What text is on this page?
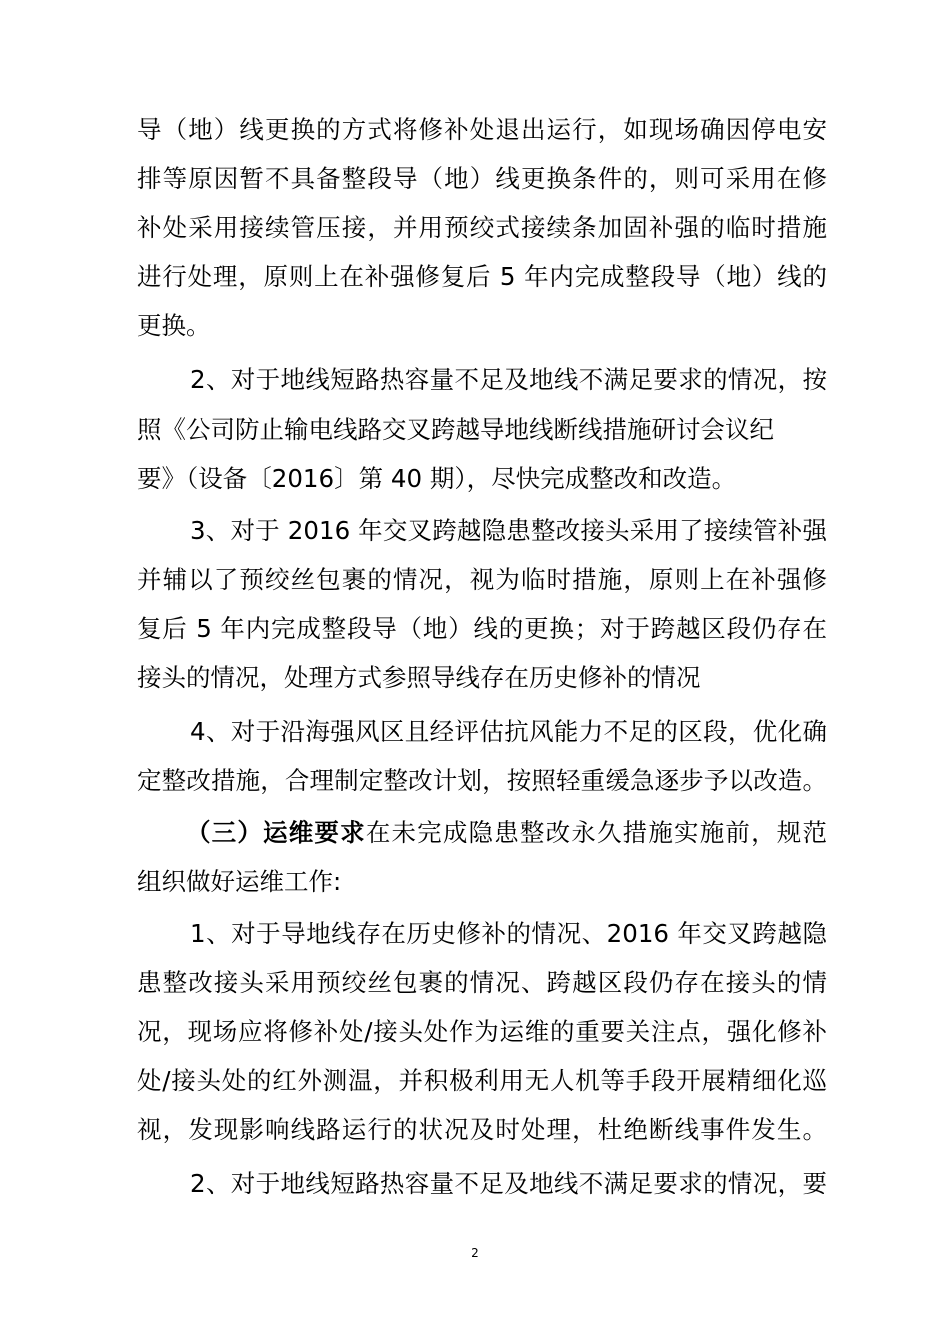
导（地）线更换的方式将修补处退出运行，如现场确因停电安
排等原因暂不具备整段导（地）线更换条件的，则可采用在修
补处采用接续管压接，并用预绞式接续条加固补强的临时措施
进行处理，原则上在补强修复后 5 年内完成整段导（地）线的
更换。
2、对于地线短路热容量不足及地线不满足要求的情况，按
照《公司防止输电线路交叉跨越导地线断线措施研讨会议纪
要》（设备〔2016〕第 40 期），尽快完成整改和改造。
3、对于 2016 年交叉跨越隐患整改接头采用了接续管补强
并辅以了预绞丝包裹的情况，视为临时措施，原则上在补强修
复后 5 年内完成整段导（地）线的更换；对于跨越区段仍存在
接头的情况，处理方式参照导线存在历史修补的情况
4、对于沿海强风区且经评估抗风能力不足的区段，优化确
定整改措施，合理制定整改计划，按照轻重缓急逐步予以改造。
（三）运维要求在未完成隐患整改永久措施实施前，规范
组织做好运维工作:
1、对于导地线存在历史修补的情况、2016 年交叉跨越隐
患整改接头采用预绞丝包裹的情况、跨越区段仍存在接头的情
况，现场应将修补处/接头处作为运维的重要关注点，强化修补
处/接头处的红外测温，并积极利用无人机等手段开展精细化巡
视，发现影响线路运行的状况及时处理，杜绝断线事件发生。
2、对于地线短路热容量不足及地线不满足要求的情况，要
2
